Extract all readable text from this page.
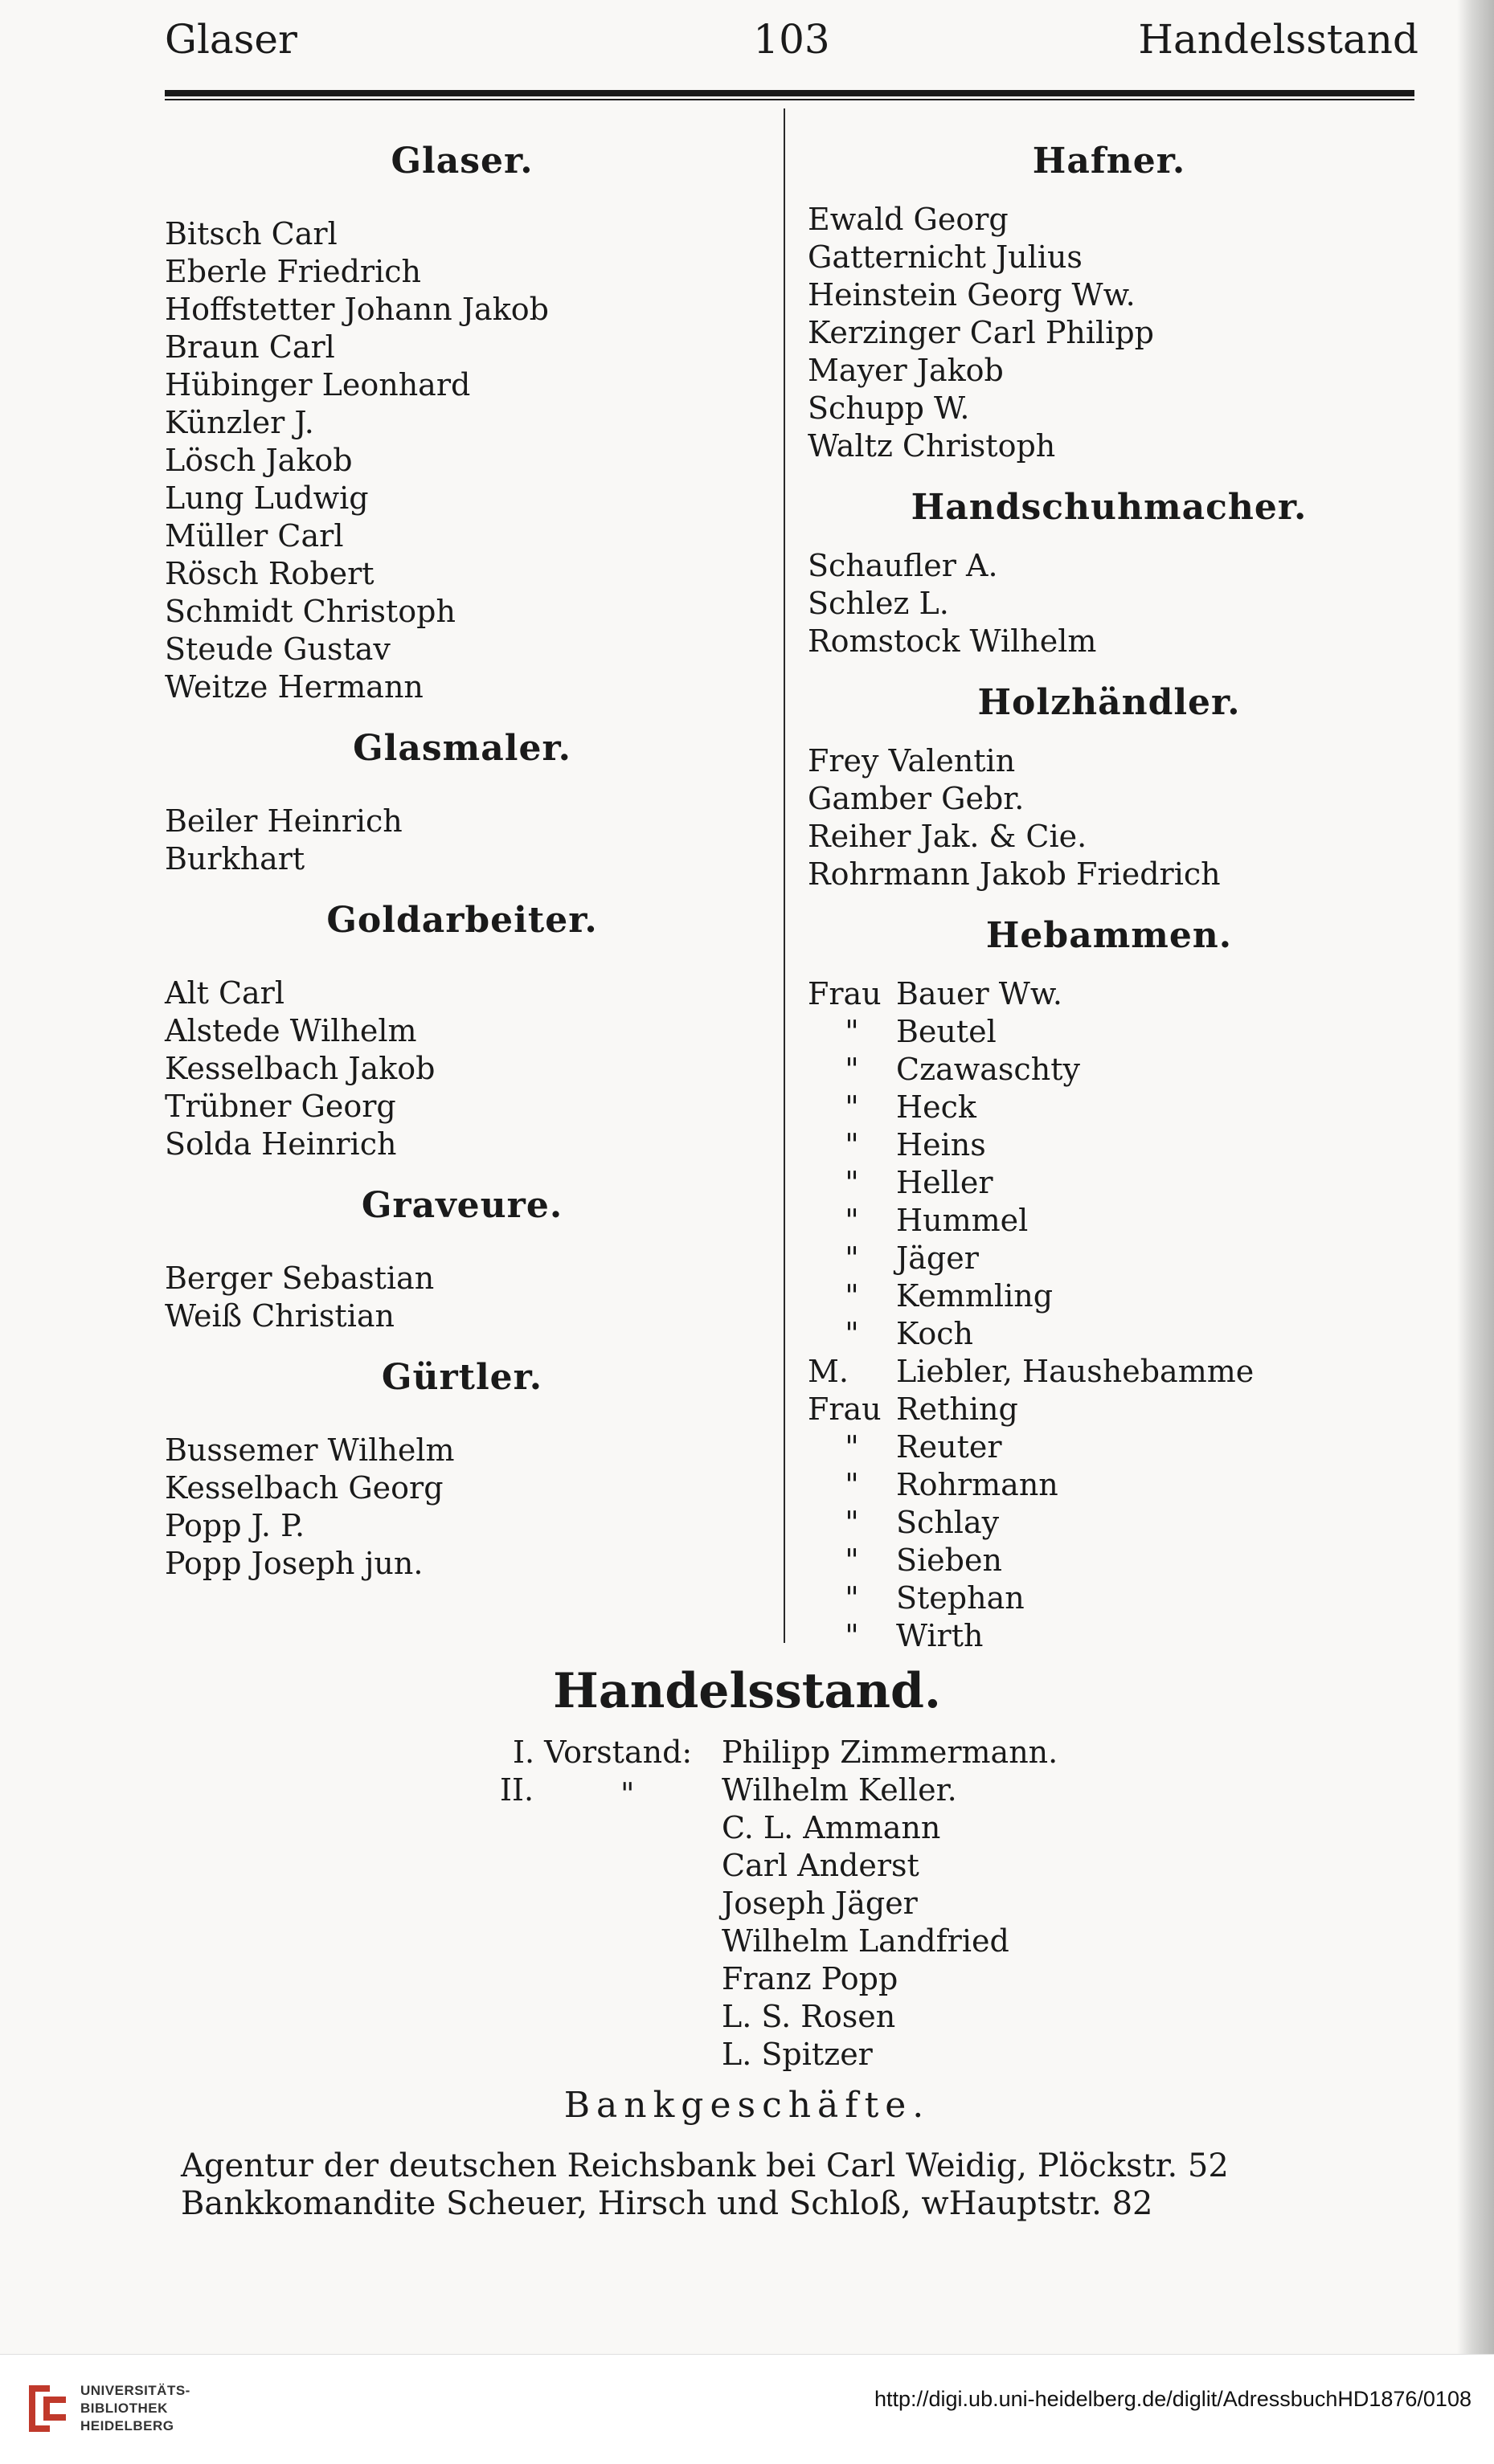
103
Glaser	Handelsstand
Glaser.
Bitsch Carl
Eberle Friedrich
Hoffstetter Johann Jakob
Braun Carl
Hübinger Leonhard
Künzler J.
Lösch Jakob
Lung Ludwig
Müller Carl
Rösch Robert
Schmidt Christoph
Steude Gustav
Weitze Hermann
Glasmaler.
Beiler Heinrich
Burkhart
Goldarbeiter.
Alt Carl
Alstede Wilhelm
Kesselbach Jakob
Trübner Georg
Solda Heinrich
Graveure.
Berger Sebastian
Weiß Christian
Gürtler.
Bussemer Wilhelm
Kesselbach Georg
Popp J. P.
Popp Joseph jun.
Hafner.
Ewald Georg
Gatternicht Julius
Heinstein Georg Ww.
Kerzinger Carl Philipp
Mayer Jakob
Schupp W.
Waltz Christoph
Handschuhmacher.
Schaufler A.
Schlez L.
Romstock Wilhelm
Holzhändler.
Frey Valentin
Gamber Gebr.
Reiher Jak. & Cie.
Rohrmann Jakob Friedrich
Hebammen.
Frau Bauer Ww.
" Beutel
" Czawaschty
" Heck
" Heins
" Heller
" Hummel
" Jäger
" Kemmling
" Koch
M. Liebler, Haushebamme
Frau Rething
" Reuter
" Rohrmann
" Schlay
" Sieben
" Stephan
" Wirth
Handelsstand.
I. Vorstand:
II.	"
Philipp Zimmermann.
Wilhelm Keller.
C. L. Ammann
Carl Anderst
Joseph Jäger
Wilhelm Landfried
Franz Popp
L. S. Rosen
L. Spitzer
Bankgeschäfte.
Agentur der deutschen Reichsbank bei Carl Weidig, Plöckstr. 52
Bankkomandite Scheuer, Hirsch und Schloß, wHauptstr. 82
UNIVERSITÄTS-
BIBLIOTHEK
HEIDELBERG
http://digi.ub.uni-heidelberg.de/diglit/AdressbuchHD1876/0108
